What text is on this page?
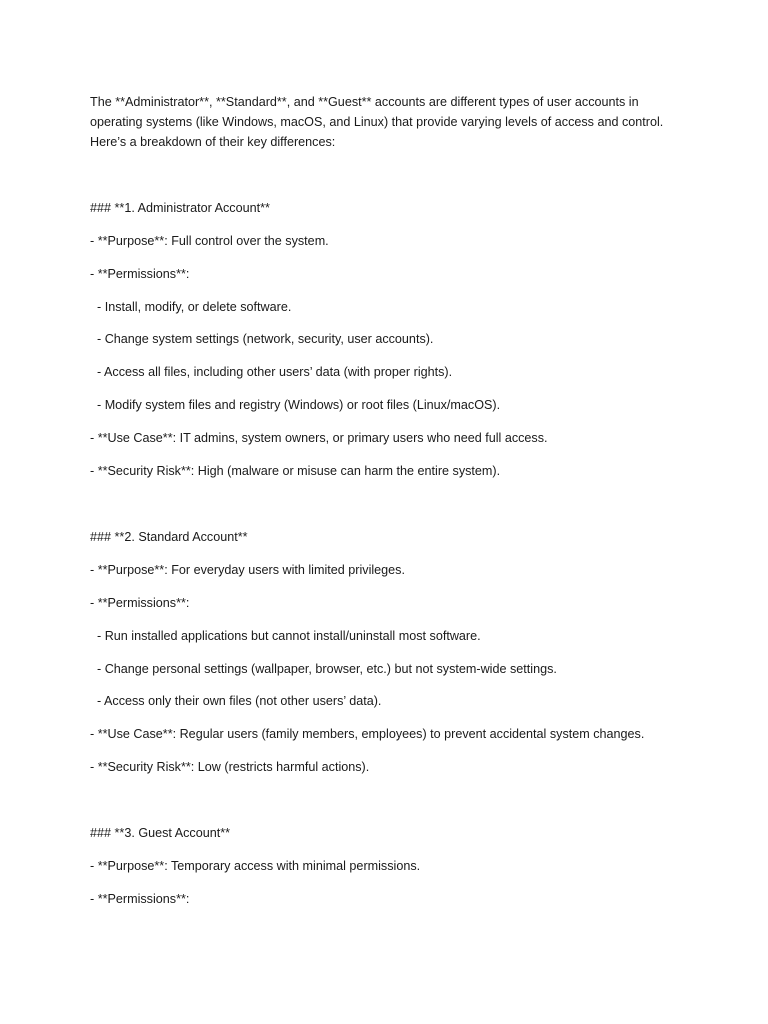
The **Administrator**, **Standard**, and **Guest** accounts are different types of user accounts in operating systems (like Windows, macOS, and Linux) that provide varying levels of access and control. Here’s a breakdown of their key differences:

### **1. Administrator Account**

- **Purpose**: Full control over the system.

- **Permissions**:

- Install, modify, or delete software.

- Change system settings (network, security, user accounts).

- Access all files, including other users’ data (with proper rights).

- Modify system files and registry (Windows) or root files (Linux/macOS).

- **Use Case**: IT admins, system owners, or primary users who need full access.

- **Security Risk**: High (malware or misuse can harm the entire system).

### **2. Standard Account**

- **Purpose**: For everyday users with limited privileges.

- **Permissions**:

- Run installed applications but cannot install/uninstall most software.

- Change personal settings (wallpaper, browser, etc.) but not system-wide settings.

- Access only their own files (not other users’ data).

- **Use Case**: Regular users (family members, employees) to prevent accidental system changes.

- **Security Risk**: Low (restricts harmful actions).

### **3. Guest Account**

- **Purpose**: Temporary access with minimal permissions.

- **Permissions**:
